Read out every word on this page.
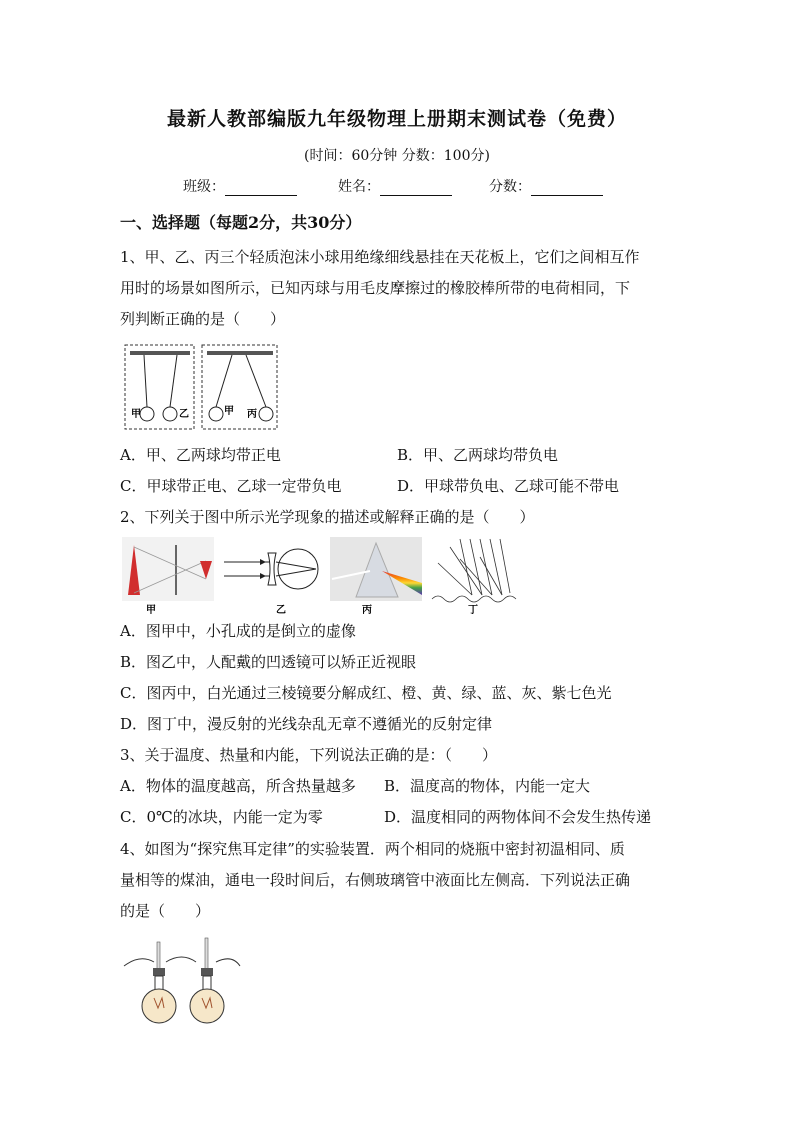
最新人教部编版九年级物理上册期末测试卷（免费）
(时间：60分钟 分数：100分)
班级：	姓名：	分数：
一、选择题（每题2分，共30分）
1、甲、乙、丙三个轻质泡沫小球用绝缘细线悬挂在天花板上，它们之间相互作
用时的场景如图所示，已知丙球与用毛皮摩擦过的橡胶棒所带的电荷相同，下
列判断正确的是（　　）
甲	乙	甲 丙
A．甲、乙两球均带正电	B．甲、乙两球均带负电
C．甲球带正电、乙球一定带负电	D．甲球带负电、乙球可能不带电
2、下列关于图中所示光学现象的描述或解释正确的是（　　）
甲	乙	丙	丁
A．图甲中，小孔成的是倒立的虚像
B．图乙中，人配戴的凹透镜可以矫正近视眼
C．图丙中，白光通过三棱镜要分解成红、橙、黄、绿、蓝、灰、紫七色光
D．图丁中，漫反射的光线杂乱无章不遵循光的反射定律
3、关于温度、热量和内能，下列说法正确的是：（　　）
A．物体的温度越高，所含热量越多 B．温度高的物体，内能一定大
C．0℃的冰块，内能一定为零	D．温度相同的两物体间不会发生热传递
4、如图为“探究焦耳定律”的实验装置．两个相同的烧瓶中密封初温相同、质
量相等的煤油，通电一段时间后，右侧玻璃管中液面比左侧高．下列说法正确
的是（　　）
